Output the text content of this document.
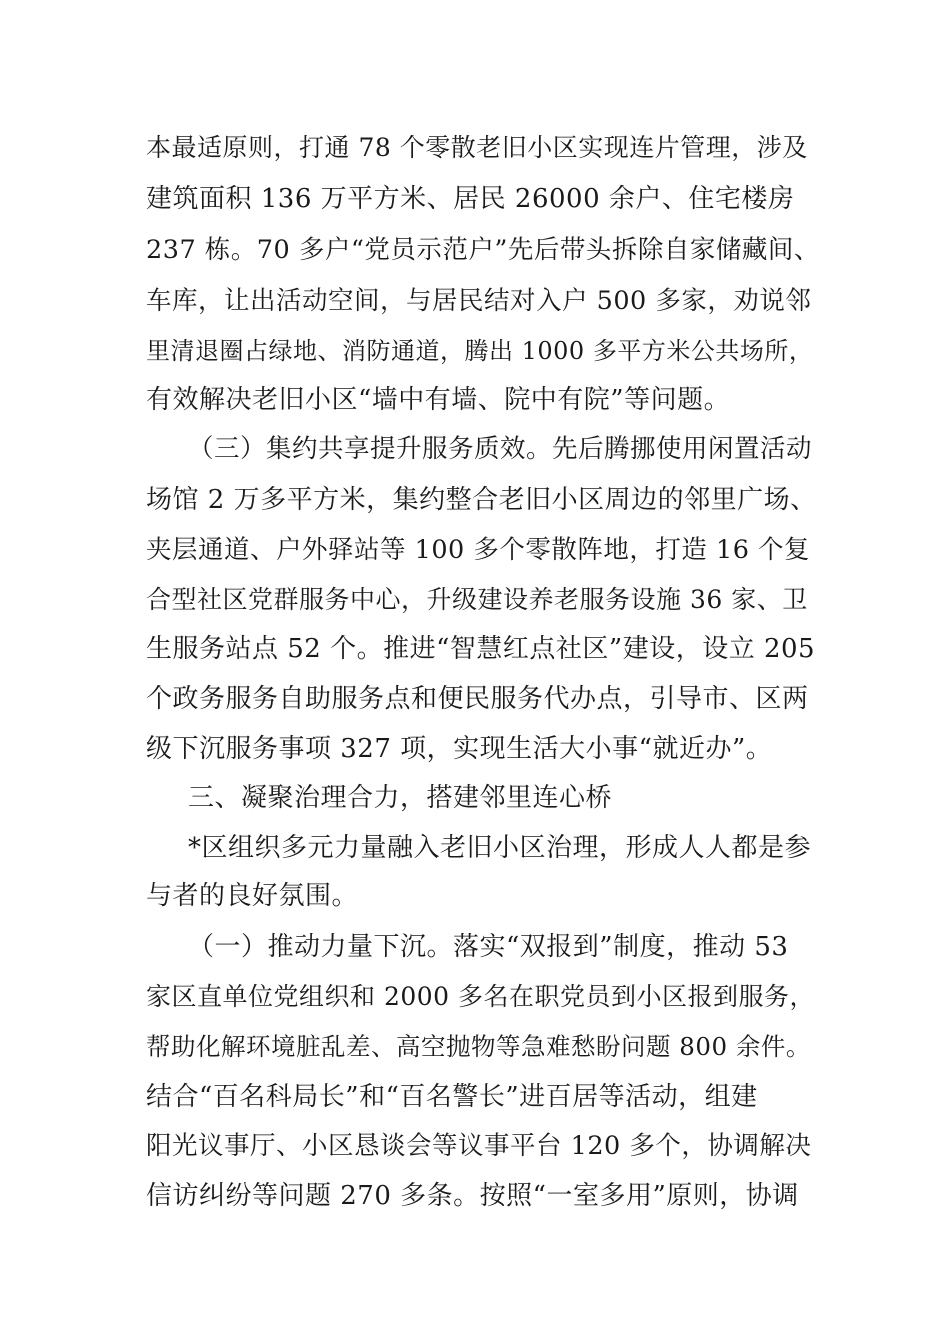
本最适原则，打通 78 个零散老旧小区实现连片管理，涉及
建筑面积 136 万平方米、居民 26000 余户、住宅楼房
237 栋。70 多户“党员示范户”先后带头拆除自家储藏间、
车库，让出活动空间，与居民结对入户 500 多家，劝说邻
里清退圈占绿地、消防通道，腾出 1000 多平方米公共场所，
有效解决老旧小区“墙中有墙、院中有院”等问题。
（三）集约共享提升服务质效。先后腾挪使用闲置活动
场馆 2 万多平方米，集约整合老旧小区周边的邻里广场、
夹层通道、户外驿站等 100 多个零散阵地，打造 16 个复
合型社区党群服务中心，升级建设养老服务设施 36 家、卫
生服务站点 52 个。推进“智慧红点社区”建设，设立 205
个政务服务自助服务点和便民服务代办点，引导市、区两
级下沉服务事项 327 项，实现生活大小事“就近办”。
三、凝聚治理合力，搭建邻里连心桥
*区组织多元力量融入老旧小区治理，形成人人都是参
与者的良好氛围。
（一）推动力量下沉。落实“双报到”制度，推动 53
家区直单位党组织和 2000 多名在职党员到小区报到服务，
帮助化解环境脏乱差、高空抛物等急难愁盼问题 800 余件。
结合“百名科局长”和“百名警长”进百居等活动，组建
阳光议事厅、小区恳谈会等议事平台 120 多个，协调解决
信访纠纷等问题 270 多条。按照“一室多用”原则，协调
